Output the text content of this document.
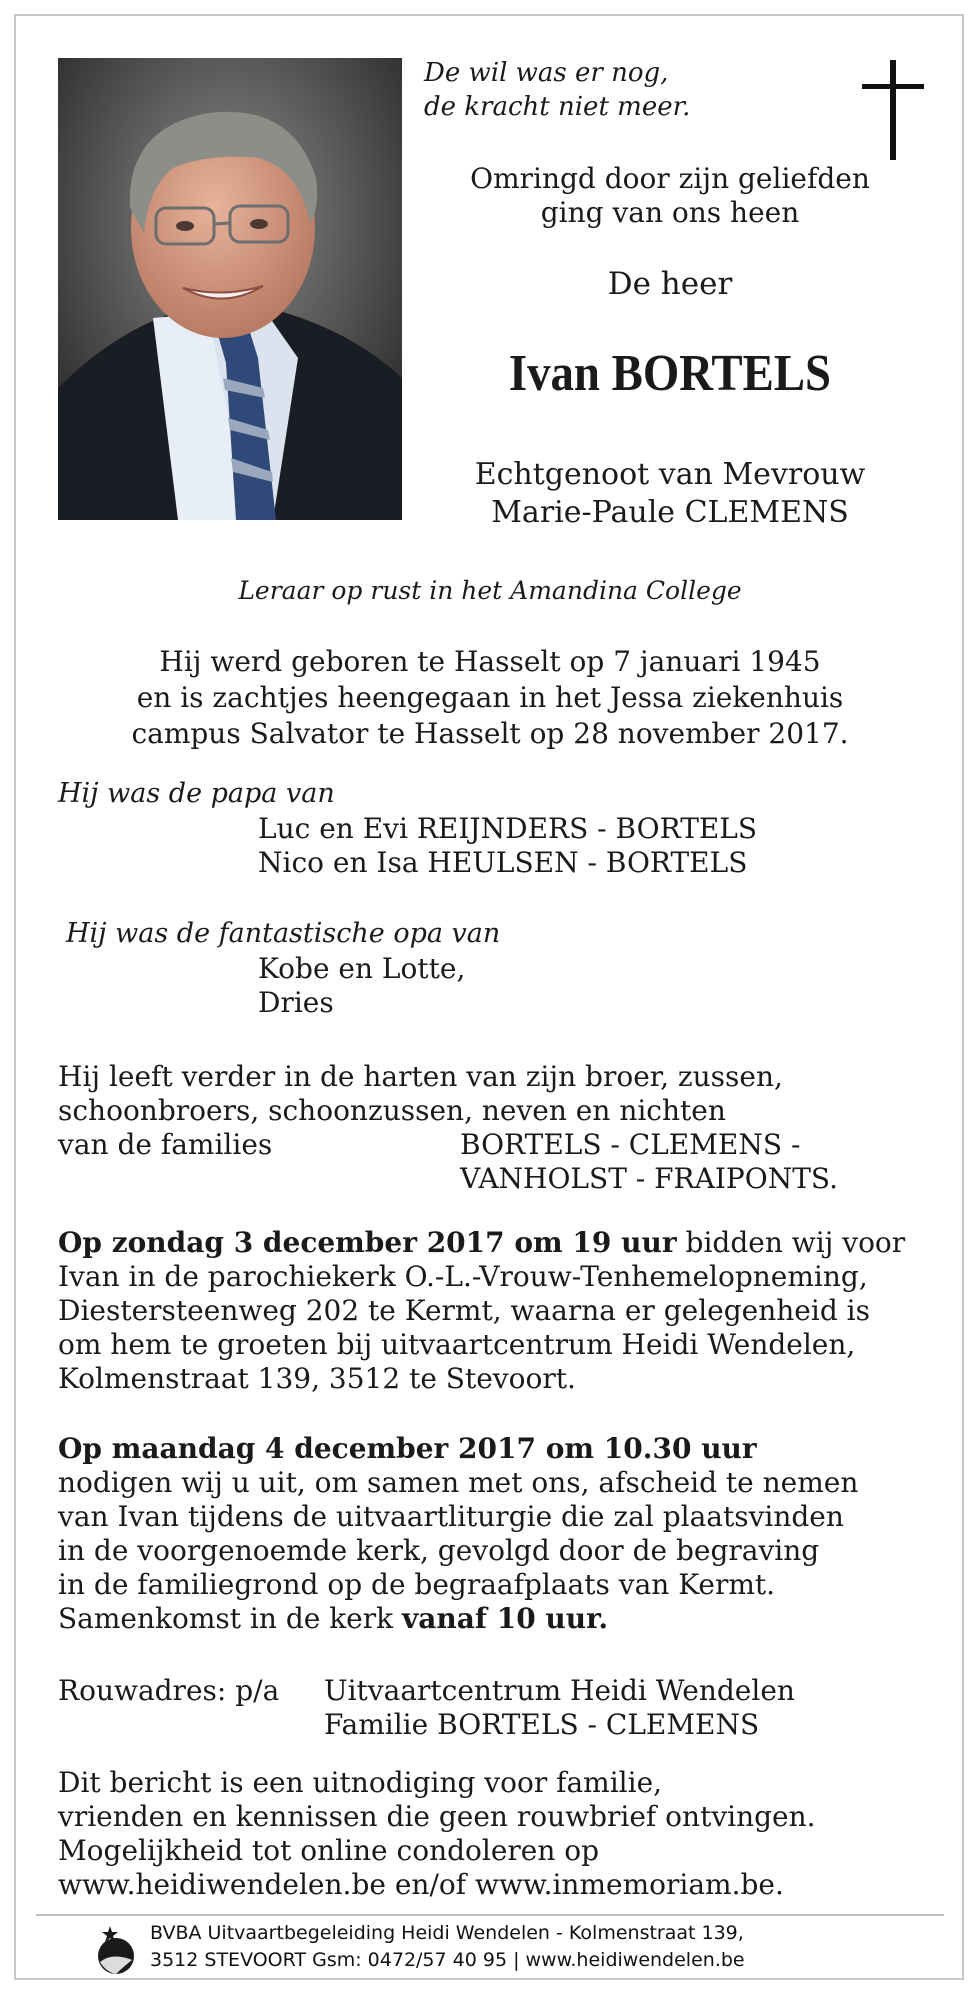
De wil was er nog,
de kracht niet meer.
Omringd door zijn geliefden
ging van ons heen
De heer
Ivan BORTELS
Echtgenoot van Mevrouw
Marie-Paule CLEMENS
Leraar op rust in het Amandina College
Hij werd geboren te Hasselt op 7 januari 1945
en is zachtjes heengegaan in het Jessa ziekenhuis
campus Salvator te Hasselt op 28 november 2017.
Hij was de papa van
Luc en Evi REIJNDERS - BORTELS
Nico en Isa HEULSEN - BORTELS
Hij was de fantastische opa van
Kobe en Lotte,
Dries
Hij leeft verder in de harten van zijn broer, zussen,
schoonbroers, schoonzussen, neven en nichten
van de families	BORTELS - CLEMENS -
VANHOLST - FRAIPONTS.
Op zondag 3 december 2017 om 19 uur bidden wij voor
Ivan in de parochiekerk O.-L.-Vrouw-Tenhemelopneming,
Diestersteenweg 202 te Kermt, waarna er gelegenheid is
om hem te groeten bij uitvaartcentrum Heidi Wendelen,
Kolmenstraat 139, 3512 te Stevoort.
Op maandag 4 december 2017 om 10.30 uur
nodigen wij u uit, om samen met ons, afscheid te nemen
van Ivan tijdens de uitvaartliturgie die zal plaatsvinden
in de voorgenoemde kerk, gevolgd door de begraving
in de familiegrond op de begraafplaats van Kermt.
Samenkomst in de kerk vanaf 10 uur.
Rouwadres: p/a Uitvaartcentrum Heidi Wendelen
Familie BORTELS - CLEMENS
Dit bericht is een uitnodiging voor familie,
vrienden en kennissen die geen rouwbrief ontvingen.
Mogelijkheid tot online condoleren op
www.heidiwendelen.be en/of www.inmemoriam.be.
BVBA Uitvaartbegeleiding Heidi Wendelen - Kolmenstraat 139,
3512 STEVOORT Gsm: 0472/57 40 95 | www.heidiwendelen.be
